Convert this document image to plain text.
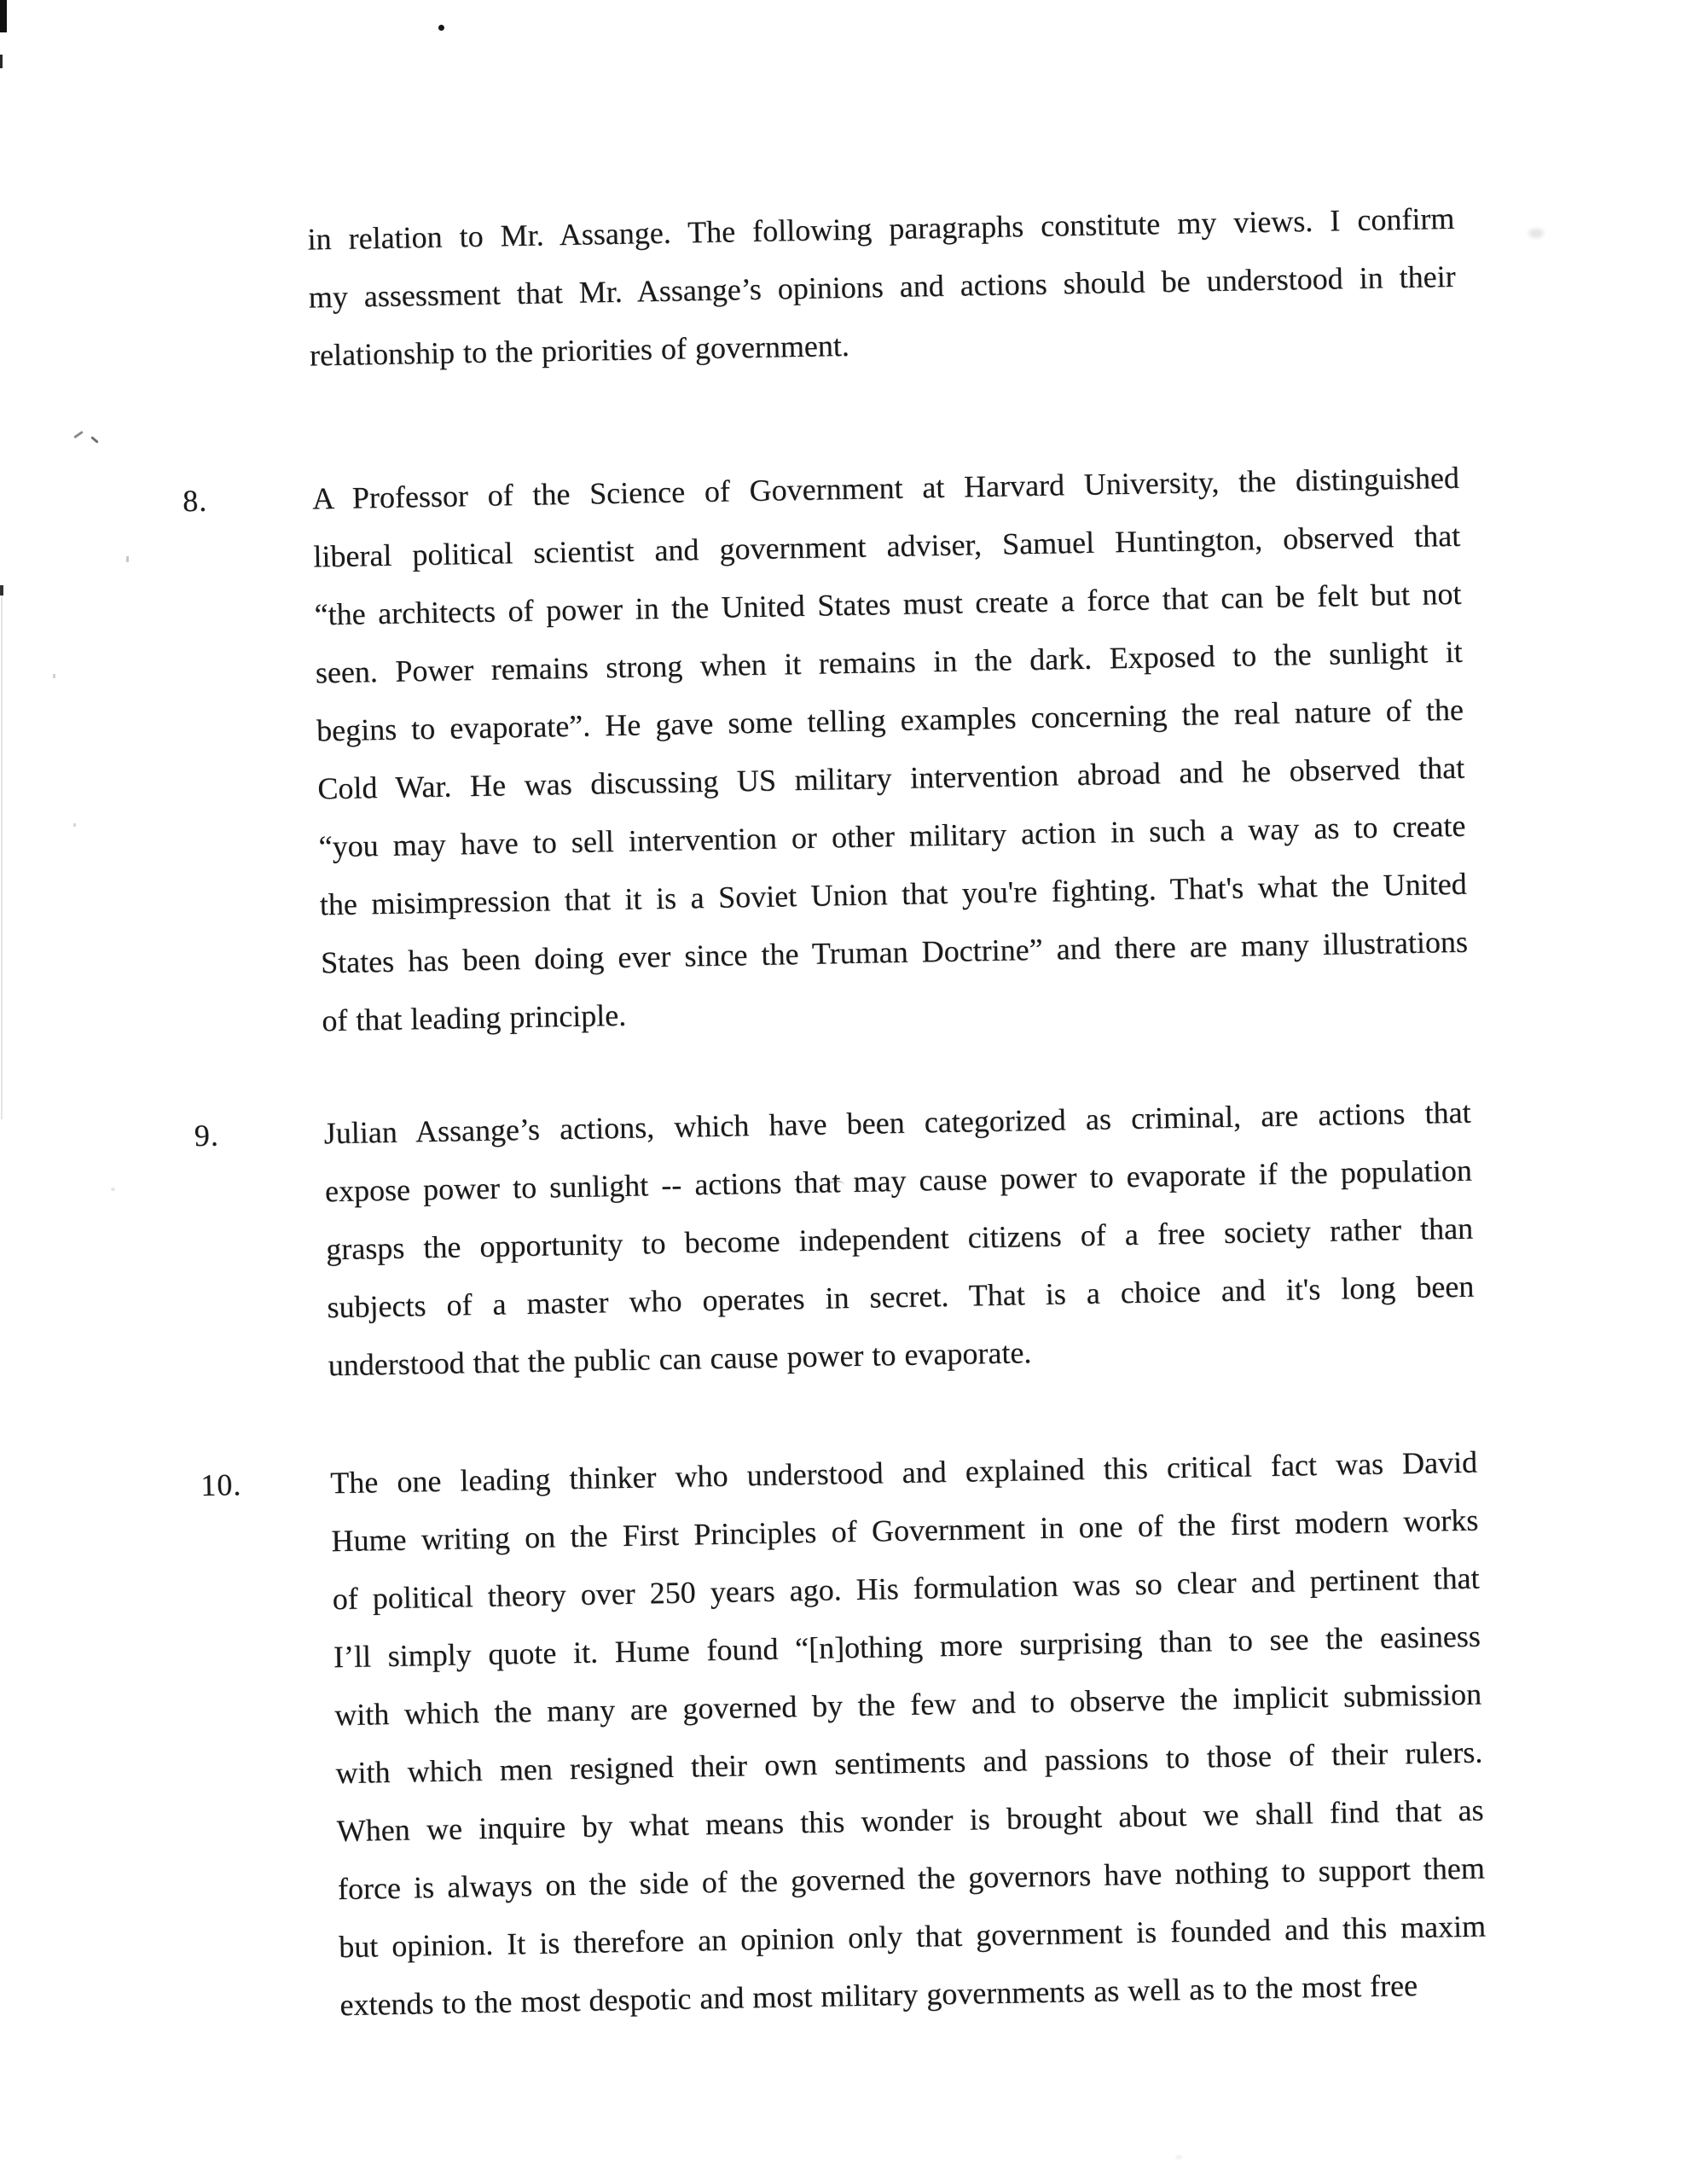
in relation to Mr. Assange. The following paragraphs constitute my views. I confirm
my assessment that Mr. Assange’s opinions and actions should be understood in their
relationship to the priorities of government.
8.	A Professor of the Science of Government at Harvard University, the distinguished
liberal political scientist and government adviser, Samuel Huntington, observed that
“the architects of power in the United States must create a force that can be felt but not
seen. Power remains strong when it remains in the dark. Exposed to the sunlight it
begins to evaporate”. He gave some telling examples concerning the real nature of the
Cold War. He was discussing US military intervention abroad and he observed that
“you may have to sell intervention or other military action in such a way as to create
the misimpression that it is a Soviet Union that you're fighting. That's what the United
States has been doing ever since the Truman Doctrine” and there are many illustrations
of that leading principle.
9.	Julian Assange’s actions, which have been categorized as criminal, are actions that
expose power to sunlight -- actions that may cause power to evaporate if the population
grasps the opportunity to become independent citizens of a free society rather than
subjects of a master who operates in secret. That is a choice and it's long been
understood that the public can cause power to evaporate.
10.	The one leading thinker who understood and explained this critical fact was David
Hume writing on the First Principles of Government in one of the first modern works
of political theory over 250 years ago. His formulation was so clear and pertinent that
I’ll simply quote it. Hume found “[n]othing more surprising than to see the easiness
with which the many are governed by the few and to observe the implicit submission
with which men resigned their own sentiments and passions to those of their rulers.
When we inquire by what means this wonder is brought about we shall find that as
force is always on the side of the governed the governors have nothing to support them
but opinion. It is therefore an opinion only that government is founded and this maxim
extends to the most despotic and most military governments as well as to the most free
